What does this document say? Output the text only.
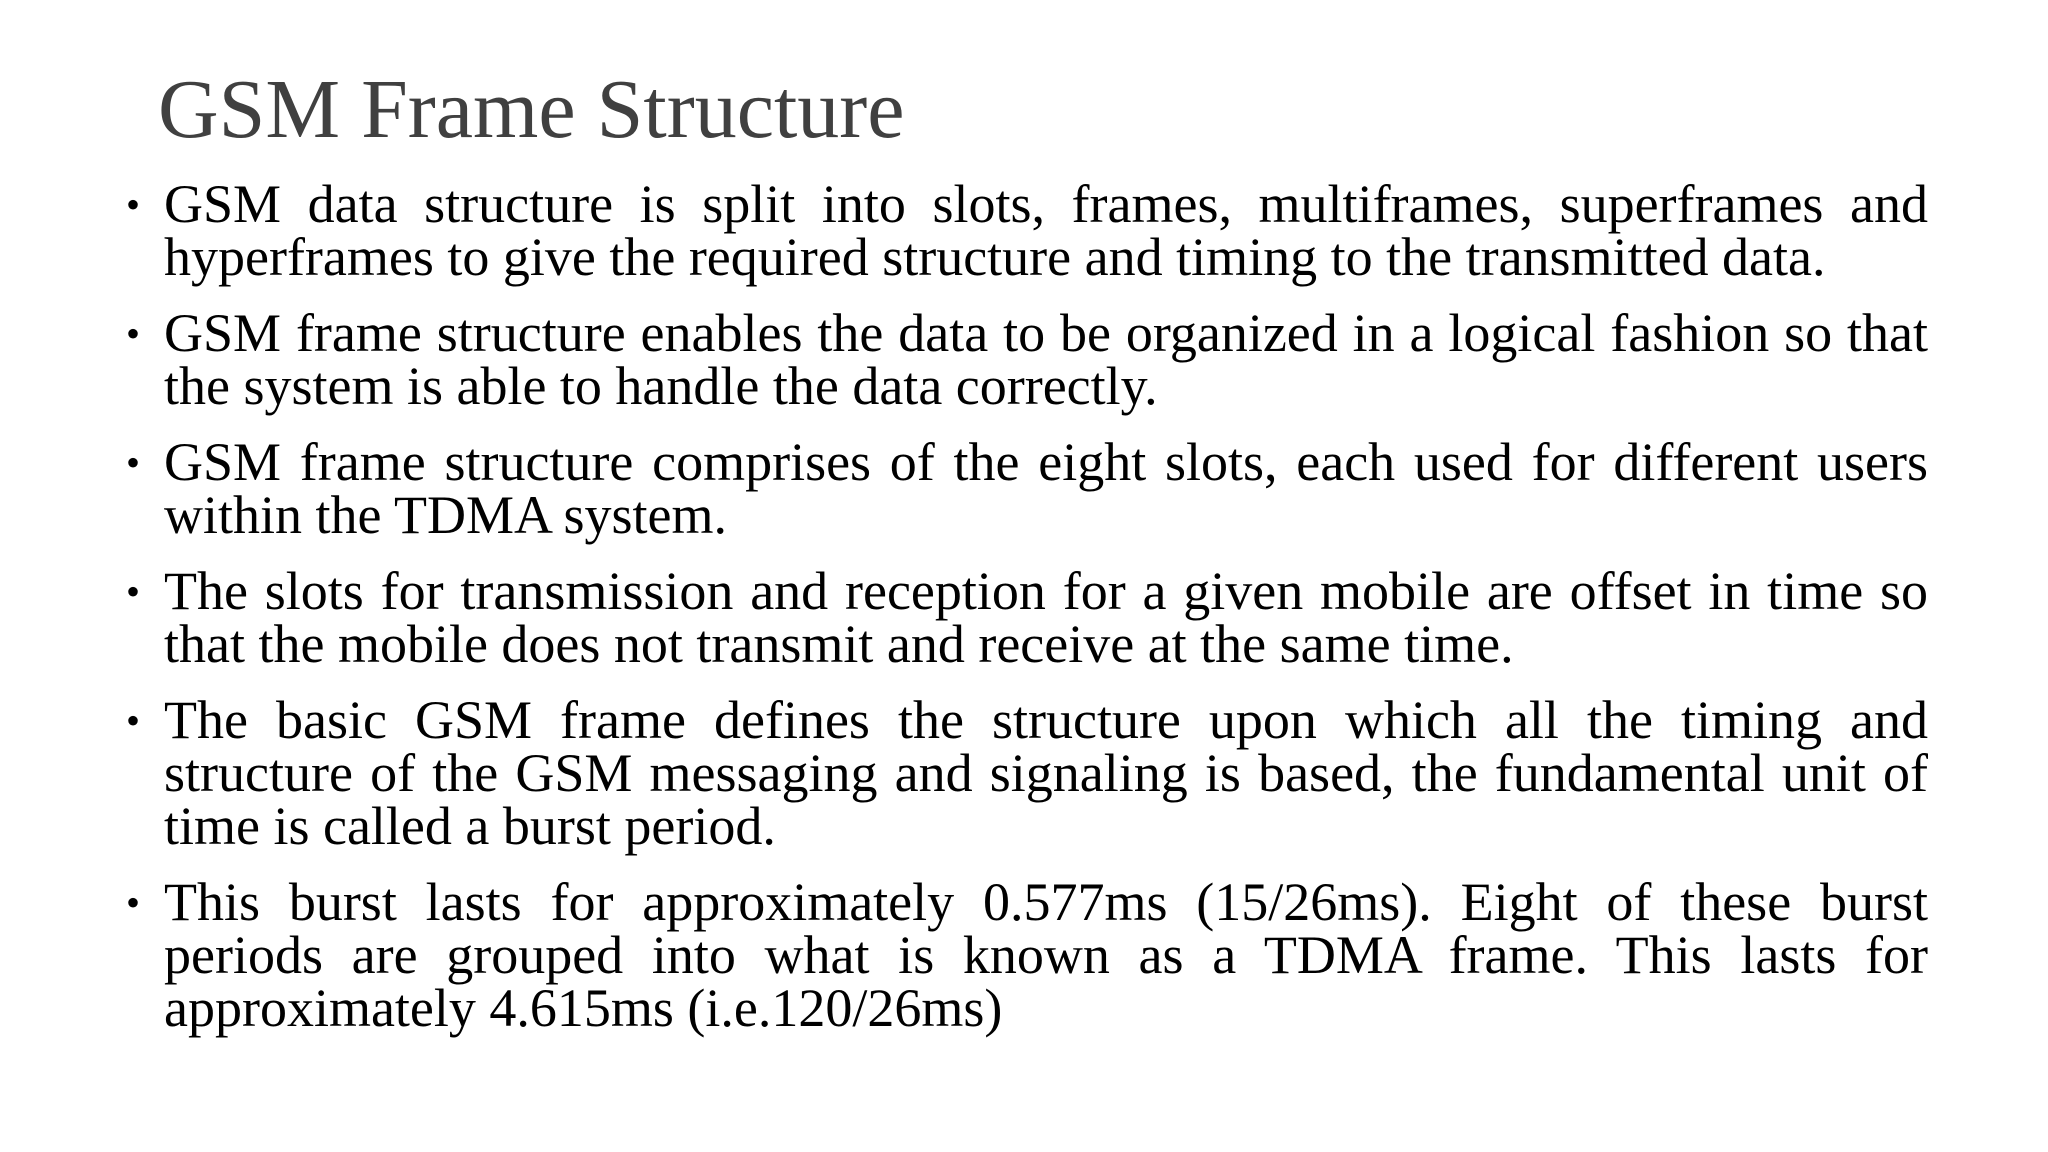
GSM Frame Structure
• GSM data structure is split into slots, frames, multiframes, superframes and hyperframes to give the required structure and timing to the transmitted data.
• GSM frame structure enables the data to be organized in a logical fashion so that the system is able to handle the data correctly.
• GSM frame structure comprises of the eight slots, each used for different users within the TDMA system.
• The slots for transmission and reception for a given mobile are offset in time so that the mobile does not transmit and receive at the same time.
• The basic GSM frame defines the structure upon which all the timing and structure of the GSM messaging and signaling is based, the fundamental unit of time is called a burst period.
• This burst lasts for approximately 0.577ms (15/26ms). Eight of these burst periods are grouped into what is known as a TDMA frame. This lasts for approximately 4.615ms (i.e.120/26ms)
